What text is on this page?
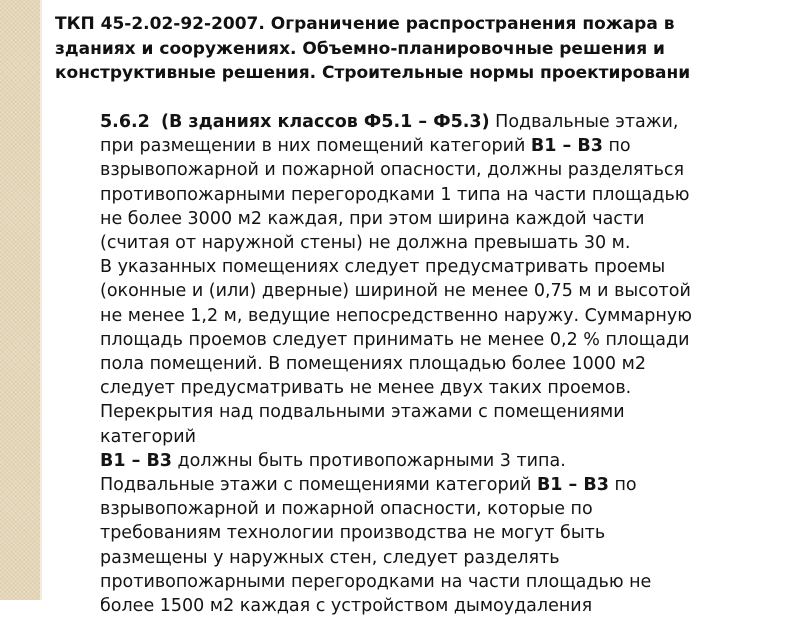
ТКП 45-2.02-92-2007. Ограничение распространения пожара в
зданиях и сооружениях. Объемно-планировочные решения и
конструктивные решения. Строительные нормы проектировани
5.6.2 (В зданиях классов Ф5.1 – Ф5.3) Подвальные этажи,
при размещении в них помещений категорий В1 – В3 по
взрывопожарной и пожарной опасности, должны разделяться
противопожарными перегородками 1 типа на части площадью
не более 3000 м2 каждая, при этом ширина каждой части
(считая от наружной стены) не должна превышать 30 м.
В указанных помещениях следует предусматривать проемы
(оконные и (или) дверные) шириной не менее 0,75 м и высотой
не менее 1,2 м, ведущие непосредственно наружу. Суммарную
площадь проемов следует принимать не менее 0,2 % площади
пола помещений. В помещениях площадью более 1000 м2
следует предусматривать не менее двух таких проемов.
Перекрытия над подвальными этажами с помещениями
категорий
В1 – В3 должны быть противопожарными 3 типа.
Подвальные этажи с помещениями категорий В1 – В3 по
взрывопожарной и пожарной опасности, которые по
требованиям технологии производства не могут быть
размещены у наружных стен, следует разделять
противопожарными перегородками на части площадью не
более 1500 м2 каждая с устройством дымоудаления
